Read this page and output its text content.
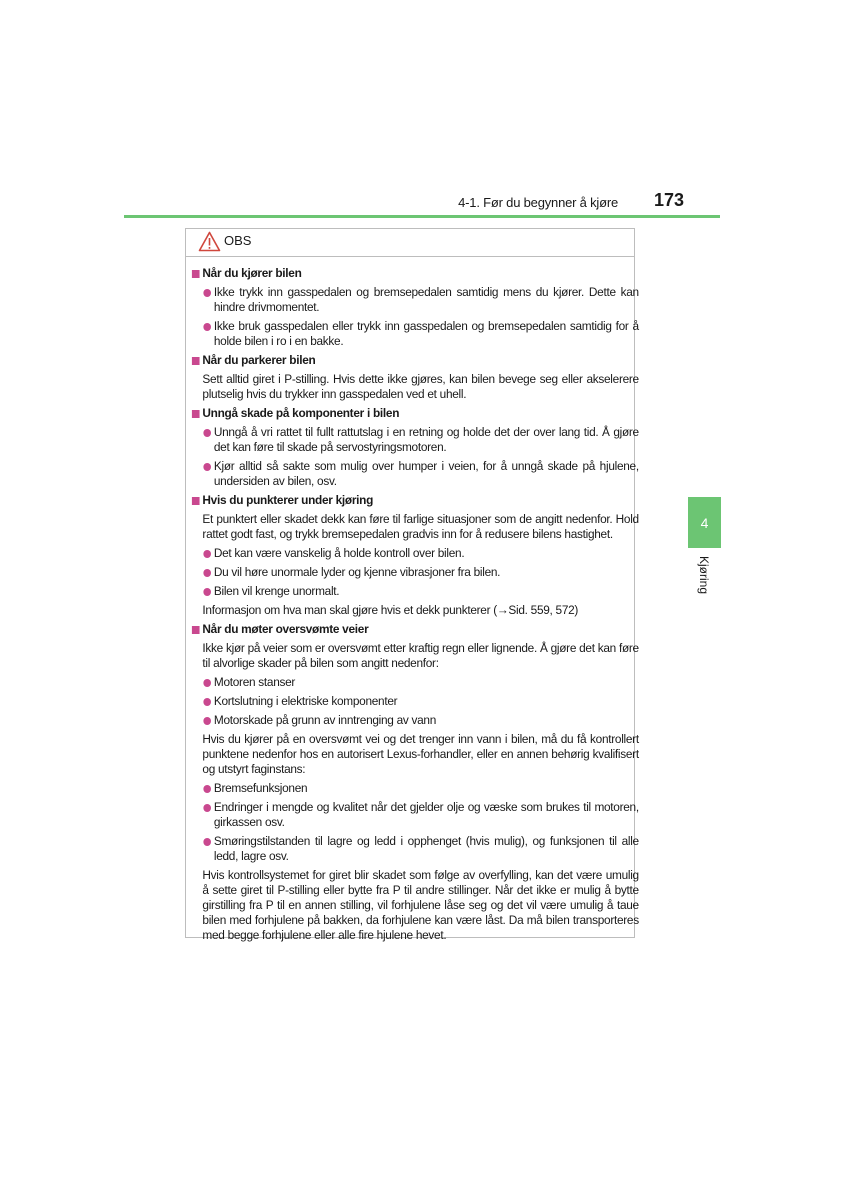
4-1. Før du begynner å kjøre 173
4
Kjøring
OBS
Når du kjører bilen
Ikke trykk inn gasspedalen og bremsepedalen samtidig mens du kjører. Dette kan hindre drivmomentet.
Ikke bruk gasspedalen eller trykk inn gasspedalen og bremsepedalen samtidig for å holde bilen i ro i en bakke.
Når du parkerer bilen
Sett alltid giret i P-stilling. Hvis dette ikke gjøres, kan bilen bevege seg eller akselerere plutselig hvis du trykker inn gasspedalen ved et uhell.
Unngå skade på komponenter i bilen
Unngå å vri rattet til fullt rattutslag i en retning og holde det der over lang tid. Å gjøre det kan føre til skade på servostyringsmotoren.
Kjør alltid så sakte som mulig over humper i veien, for å unngå skade på hjulene, undersiden av bilen, osv.
Hvis du punkterer under kjøring
Et punktert eller skadet dekk kan føre til farlige situasjoner som de angitt nedenfor. Hold rattet godt fast, og trykk bremsepedalen gradvis inn for å redusere bilens hastighet.
Det kan være vanskelig å holde kontroll over bilen.
Du vil høre unormale lyder og kjenne vibrasjoner fra bilen.
Bilen vil krenge unormalt.
Informasjon om hva man skal gjøre hvis et dekk punkterer (→Sid. 559, 572)
Når du møter oversvømte veier
Ikke kjør på veier som er oversvømt etter kraftig regn eller lignende. Å gjøre det kan føre til alvorlige skader på bilen som angitt nedenfor:
Motoren stanser
Kortslutning i elektriske komponenter
Motorskade på grunn av inntrenging av vann
Hvis du kjører på en oversvømt vei og det trenger inn vann i bilen, må du få kontrollert punktene nedenfor hos en autorisert Lexus-forhandler, eller en annen behørig kvalifisert og utstyrt faginstans:
Bremsefunksjonen
Endringer i mengde og kvalitet når det gjelder olje og væske som brukes til motoren, girkassen osv.
Smøringstilstanden til lagre og ledd i opphenget (hvis mulig), og funksjonen til alle ledd, lagre osv.
Hvis kontrollsystemet for giret blir skadet som følge av overfylling, kan det være umulig å sette giret til P-stilling eller bytte fra P til andre stillinger. Når det ikke er mulig å bytte girstilling fra P til en annen stilling, vil forhjulene låse seg og det vil være umulig å taue bilen med forhjulene på bakken, da forhjulene kan være låst. Da må bilen transporteres med begge forhjulene eller alle fire hjulene hevet.
